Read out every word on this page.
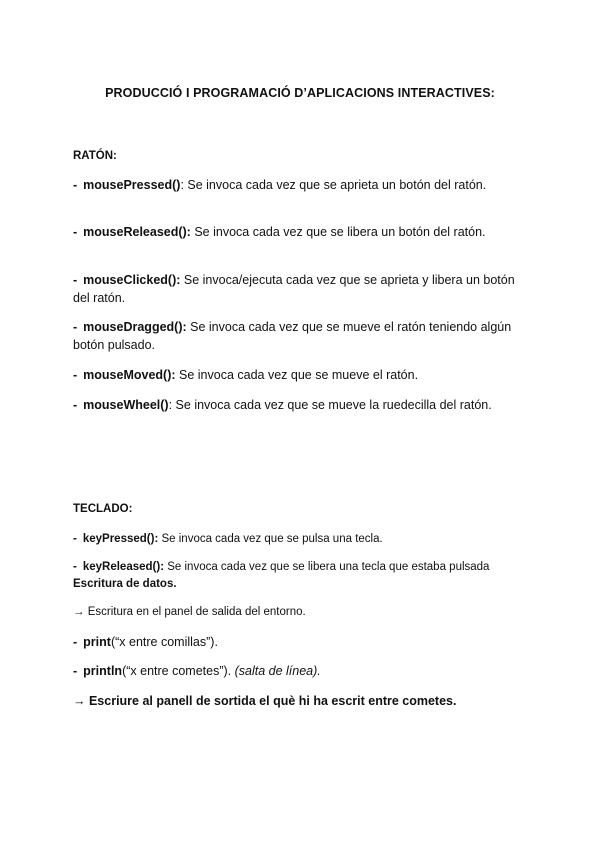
PRODUCCIÓ I PROGRAMACIÓ D’APLICACIONS INTERACTIVES:
RATÓN:
- mousePressed(): Se invoca cada vez que se aprieta un botón del ratón.
- mouseReleased(): Se invoca cada vez que se libera un botón del ratón.
- mouseClicked(): Se invoca/ejecuta cada vez que se aprieta y libera un botón del ratón.
- mouseDragged(): Se invoca cada vez que se mueve el ratón teniendo algún botón pulsado.
- mouseMoved(): Se invoca cada vez que se mueve el ratón.
- mouseWheel(): Se invoca cada vez que se mueve la ruedecilla del ratón.
TECLADO:
- keyPressed(): Se invoca cada vez que se pulsa una tecla.
- keyReleased(): Se invoca cada vez que se libera una tecla que estaba pulsada Escritura de datos.
→ Escritura en el panel de salida del entorno.
- print(“x entre comillas”).
- println(“x entre cometes”). (salta de línea).
→ Escriure al panell de sortida el què hi ha escrit entre cometes.
